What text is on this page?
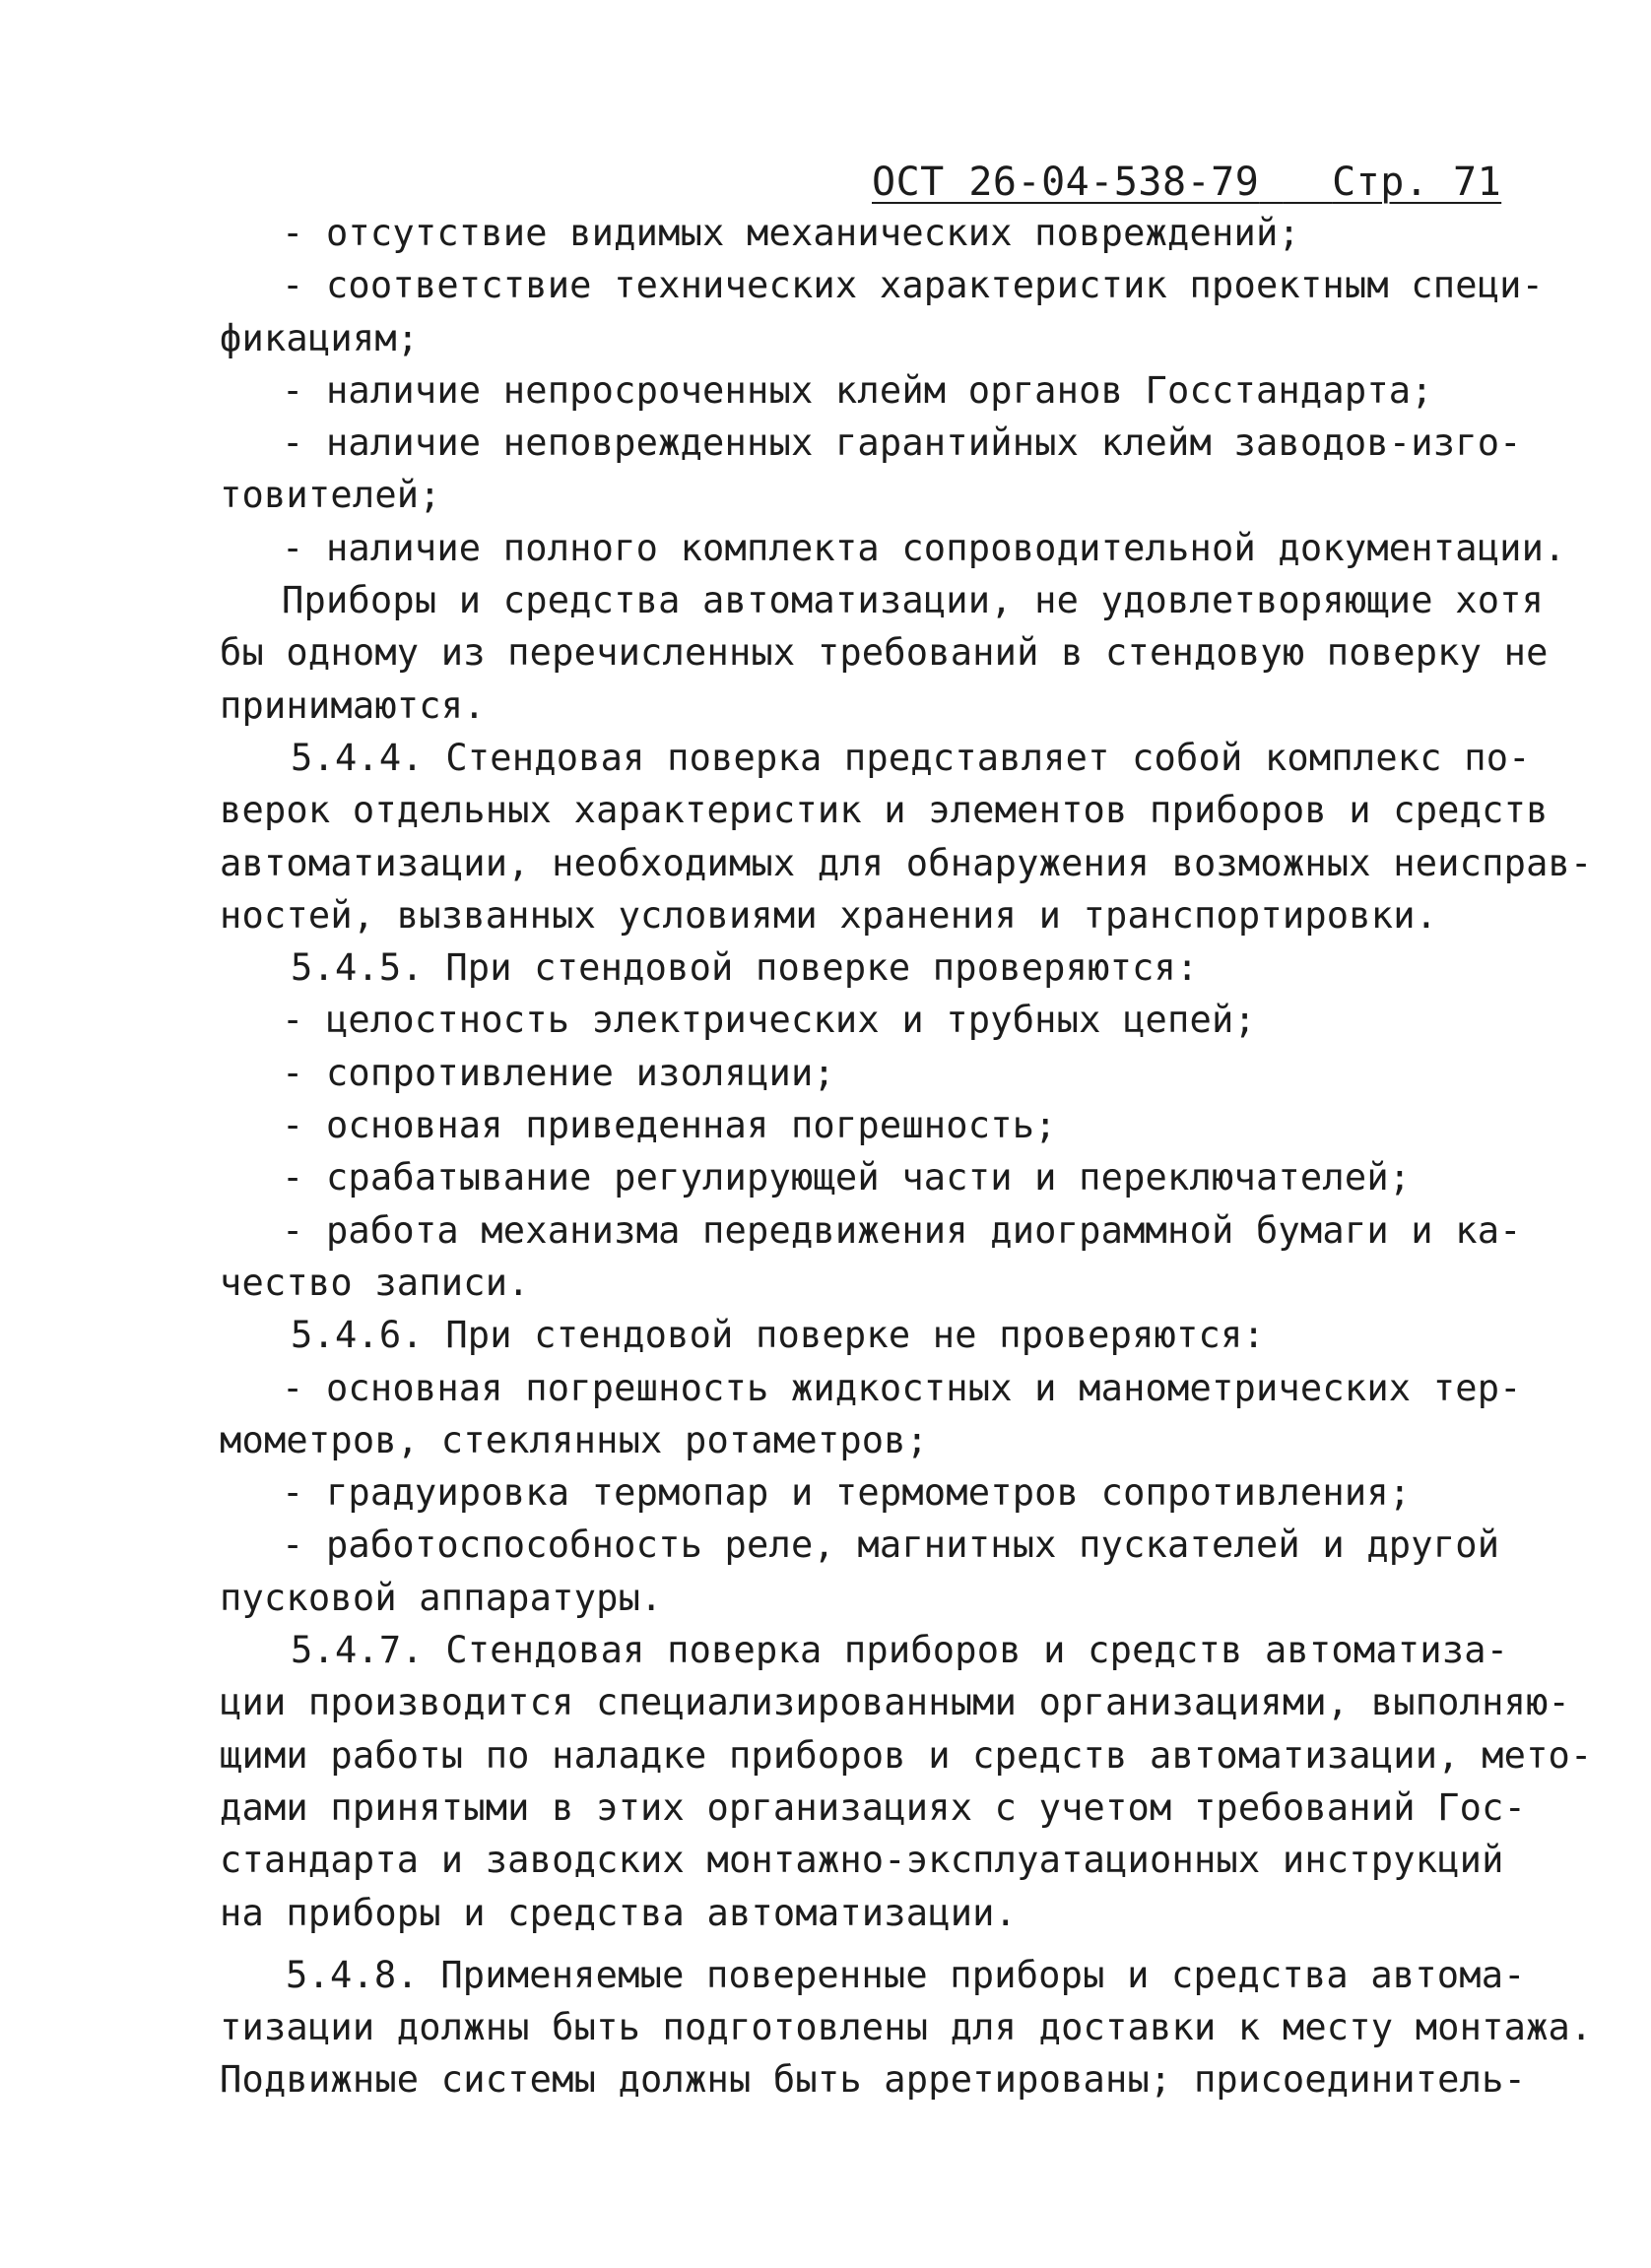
ОСТ 26-04-538-79 Стр. 71
- отсутствие видимых механических повреждений;
- соответствие технических характеристик проектным специ-
фикациям;
- наличие непросроченных клейм органов Госстандарта;
- наличие неповрежденных гарантийных клейм заводов-изго-
товителей;
- наличие полного комплекта сопроводительной документации.
Приборы и средства автоматизации, не удовлетворяющие хотя
бы одному из перечисленных требований в стендовую поверку не
принимаются.
5.4.4. Стендовая поверка представляет собой комплекс по-
верок отдельных характеристик и элементов приборов и средств
автоматизации, необходимых для обнаружения возможных неисправ-
ностей, вызванных условиями хранения и транспортировки.
5.4.5. При стендовой поверке проверяются:
- целостность электрических и трубных цепей;
- сопротивление изоляции;
- основная приведенная погрешность;
- срабатывание регулирующей части и переключателей;
- работа механизма передвижения диограммной бумаги и ка-
чество записи.
5.4.6. При стендовой поверке не проверяются:
- основная погрешность жидкостных и манометрических тер-
мометров, стеклянных ротаметров;
- градуировка термопар и термометров сопротивления;
- работоспособность реле, магнитных пускателей и другой
пусковой аппаратуры.
5.4.7. Стендовая поверка приборов и средств автоматиза-
ции производится специализированными организациями, выполняю-
щими работы по наладке приборов и средств автоматизации, мето-
дами принятыми в этих организациях с учетом требований Гос-
стандарта и заводских монтажно-эксплуатационных инструкций
на приборы и средства автоматизации.
5.4.8. Применяемые поверенные приборы и средства автома-
тизации должны быть подготовлены для доставки к месту монтажа.
Подвижные системы должны быть арретированы; присоединитель-
